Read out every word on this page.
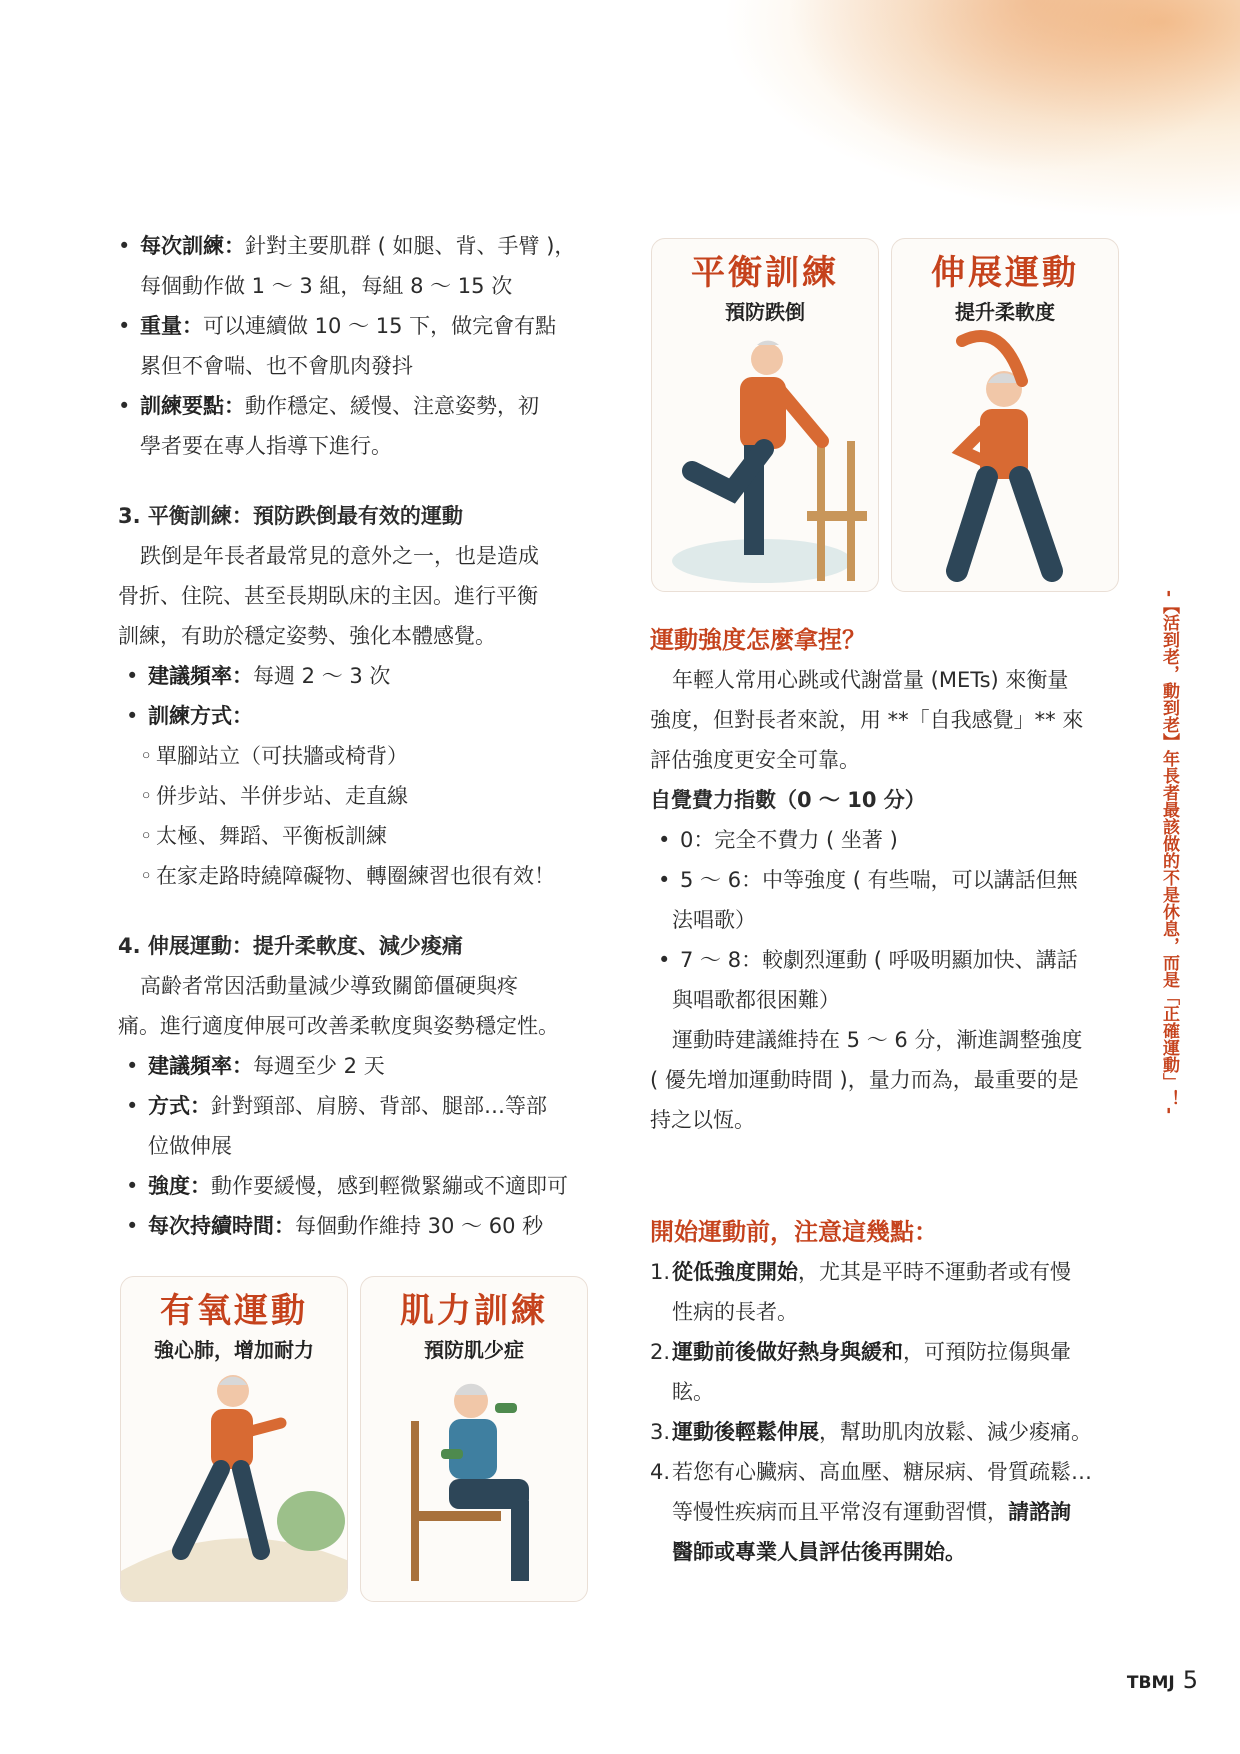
• 每次訓練：針對主要肌群 ( 如腿、背、手臂 )，

每個動作做 1 ～ 3 組，每組 8 ～ 15 次

• 重量：可以連續做 10 ～ 15 下，做完會有點

累但不會喘、也不會肌肉發抖

• 訓練要點：動作穩定、緩慢、注意姿勢，初

學者要在專人指導下進行。

3. 平衡訓練：預防跌倒最有效的運動

跌倒是年長者最常見的意外之一，也是造成

骨折、住院、甚至長期臥床的主因。進行平衡

訓練，有助於穩定姿勢、強化本體感覺。

• 建議頻率：每週 2 ～ 3 次
• 訓練方式：

◦ 單腳站立（可扶牆或椅背）

◦ 併步站、半併步站、走直線

◦ 太極、舞蹈、平衡板訓練

◦ 在家走路時繞障礙物、轉圈練習也很有效！

4. 伸展運動：提升柔軟度、減少痠痛

高齡者常因活動量減少導致關節僵硬與疼

痛。進行適度伸展可改善柔軟度與姿勢穩定性。

• 建議頻率：每週至少 2 天
• 方式：針對頸部、肩膀、背部、腿部…等部

位做伸展

• 強度：動作要緩慢，感到輕微緊繃或不適即可
• 每次持續時間：每個動作維持 30 ～ 60 秒
平衡訓練
預防跌倒
伸展運動
提升柔軟度

運動強度怎麼拿捏？

年輕人常用心跳或代謝當量 (METs) 來衡量

強度，但對長者來說，用 **「自我感覺」** 來

評估強度更安全可靠。

自覺費力指數（0 ～ 10 分）

• 0：完全不費力 ( 坐著 )
• 5 ～ 6：中等強度 ( 有些喘，可以講話但無

法唱歌）

• 7 ～ 8：較劇烈運動 ( 呼吸明顯加快、講話

與唱歌都很困難）

運動時建議維持在 5 ～ 6 分，漸進調整強度

( 優先增加運動時間 )，量力而為，最重要的是

持之以恆。

開始運動前，注意這幾點：

1. 從低強度開始，尤其是平時不運動者或有慢

性病的長者。

2. 運動前後做好熱身與緩和，可預防拉傷與暈

眩。

3. 運動後輕鬆伸展，幫助肌肉放鬆、減少痠痛。
4. 若您有心臟病、高血壓、糖尿病、骨質疏鬆…

等慢性疾病而且平常沒有運動習慣，請諮詢

醫師或專業人員評估後再開始。

有氧運動
強心肺，增加耐力
肌力訓練
預防肌少症
-【活到老，動到老】年長者最該做的不是休息，而是「正確運動」！-
TBMJ 5
